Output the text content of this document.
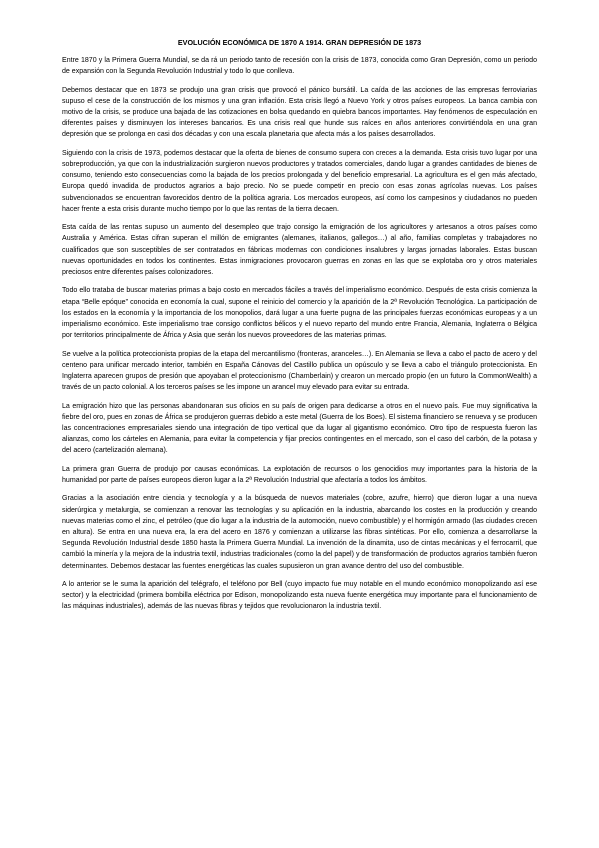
EVOLUCIÓN ECONÓMICA DE 1870 A 1914. GRAN DEPRESIÓN DE 1873

Entre 1870 y la Primera Guerra Mundial, se da rá un periodo tanto de recesión con la crisis de 1873, conocida como Gran Depresión, como un periodo de expansión con la Segunda Revolución Industrial y todo lo que conlleva.

Debemos destacar que en 1873 se produjo una gran crisis que provocó el pánico bursátil. La caída de las acciones de las empresas ferroviarias supuso el cese de la construcción de los mismos y una gran inflación. Esta crisis llegó a Nuevo York y otros países europeos. La banca cambia con motivo de la crisis, se produce una bajada de las cotizaciones en bolsa quedando en quiebra bancos importantes. Hay fenómenos de especulación en diferentes países y disminuyen los intereses bancarios. Es una crisis real que hunde sus raíces en años anteriores convirtiéndola en una gran depresión que se prolonga en casi dos décadas y con una escala planetaria que afecta más a los países desarrollados.

Siguiendo con la crisis de 1973, podemos destacar que la oferta de bienes de consumo supera con creces a la demanda. Esta crisis tuvo lugar por una sobreproducción, ya que con la industrialización surgieron nuevos productores y tratados comerciales, dando lugar a grandes cantidades de bienes de consumo, teniendo esto consecuencias como la bajada de los precios prolongada y del beneficio empresarial. La agricultura es el gen más afectado, Europa quedó invadida de productos agrarios a bajo precio. No se puede competir en precio con esas zonas agrícolas nuevas. Los países subvencionados se encuentran favorecidos dentro de la política agraria. Los mercados europeos, así como los campesinos y ciudadanos no pueden hacer frente a esta crisis durante mucho tiempo por lo que las rentas de la tierra decaen.

Esta caída de las rentas supuso un aumento del desempleo que trajo consigo la emigración de los agricultores y artesanos a otros países como Australia y América. Estas cifran superan el millón de emigrantes (alemanes, italianos, gallegos…) al año, familias completas y trabajadores no cualificados que son susceptibles de ser contratados en fábricas modernas con condiciones insalubres y largas jornadas laborales. Estas buscan nuevas oportunidades en todos los continentes. Estas inmigraciones provocaron guerras en zonas en las que se explotaba oro y otros materiales preciosos entre diferentes países colonizadores.

Todo ello trataba de buscar materias primas a bajo costo en mercados fáciles a través del imperialismo económico. Después de esta crisis comienza la etapa “Belle epóque” conocida en economía la cual, supone el reinicio del comercio y la aparición de la 2ª Revolución Tecnológica. La participación de los estados en la economía y la importancia de los monopolios, dará lugar a una fuerte pugna de las principales fuerzas económicas europeas y a un imperialismo económico. Este imperialismo trae consigo conflictos bélicos y el nuevo reparto del mundo entre Francia, Alemania, Inglaterra o Bélgica por territorios principalmente de África y Asia que serán los nuevos proveedores de las materias primas.

Se vuelve a la política proteccionista propias de la etapa del mercantilismo (fronteras, aranceles…). En Alemania se lleva a cabo el pacto de acero y del centeno para unificar mercado interior, también en España Cánovas del Castillo publica un opúsculo y se lleva a cabo el triángulo proteccionista. En Inglaterra aparecen grupos de presión que apoyaban el proteccionismo (Chamberlain) y crearon un mercado propio (en un futuro la CommonWealth) a través de un pacto colonial. A los terceros países se les impone un arancel muy elevado para evitar su entrada.

La emigración hizo que las personas abandonaran sus oficios en su país de origen para dedicarse a otros en el nuevo país. Fue muy significativa la fiebre del oro, pues en zonas de África se produjeron guerras debido a este metal (Guerra de los Boes). El sistema financiero se renueva y se producen las concentraciones empresariales siendo una integración de tipo vertical que da lugar al gigantismo económico. Otro tipo de respuesta fueron las alianzas, como los cárteles en Alemania, para evitar la competencia y fijar precios contingentes en el mercado, son el caso del carbón, de la potasa y del acero (cartelización alemana).

La primera gran Guerra de produjo por causas económicas. La explotación de recursos o los genocidios muy importantes para la historia de la humanidad por parte de países europeos dieron lugar a la 2ª Revolución Industrial que afectaría a todos los ámbitos.

Gracias a la asociación entre ciencia y tecnología y a la búsqueda de nuevos materiales (cobre, azufre, hierro) que dieron lugar a una nueva siderúrgica y metalurgia, se comienzan a renovar las tecnologías y su aplicación en la industria, abarcando los costes en la producción y creando nuevas materias como el zinc, el petróleo (que dio lugar a la industria de la automoción, nuevo combustible) y el hormigón armado (las ciudades crecen en altura). Se entra en una nueva era, la era del acero en 1876 y comienzan a utilizarse las fibras sintéticas. Por ello, comienza a desarrollarse la Segunda Revolución Industrial desde 1850 hasta la Primera Guerra Mundial. La invención de la dinamita, uso de cintas mecánicas y el ferrocarril, que cambió la minería y la mejora de la industria textil, industrias tradicionales (como la del papel) y de transformación de productos agrarios también fueron determinantes. Debemos destacar las fuentes energéticas las cuales supusieron un gran avance dentro del uso del combustible.

A lo anterior se le suma la aparición del telégrafo, el teléfono por Bell (cuyo impacto fue muy notable en el mundo económico monopolizando así ese sector) y la electricidad (primera bombilla eléctrica por Edison, monopolizando esta nueva fuente energética muy importante para el funcionamiento de las máquinas industriales), además de las nuevas fibras y tejidos que revolucionaron la industria textil.
